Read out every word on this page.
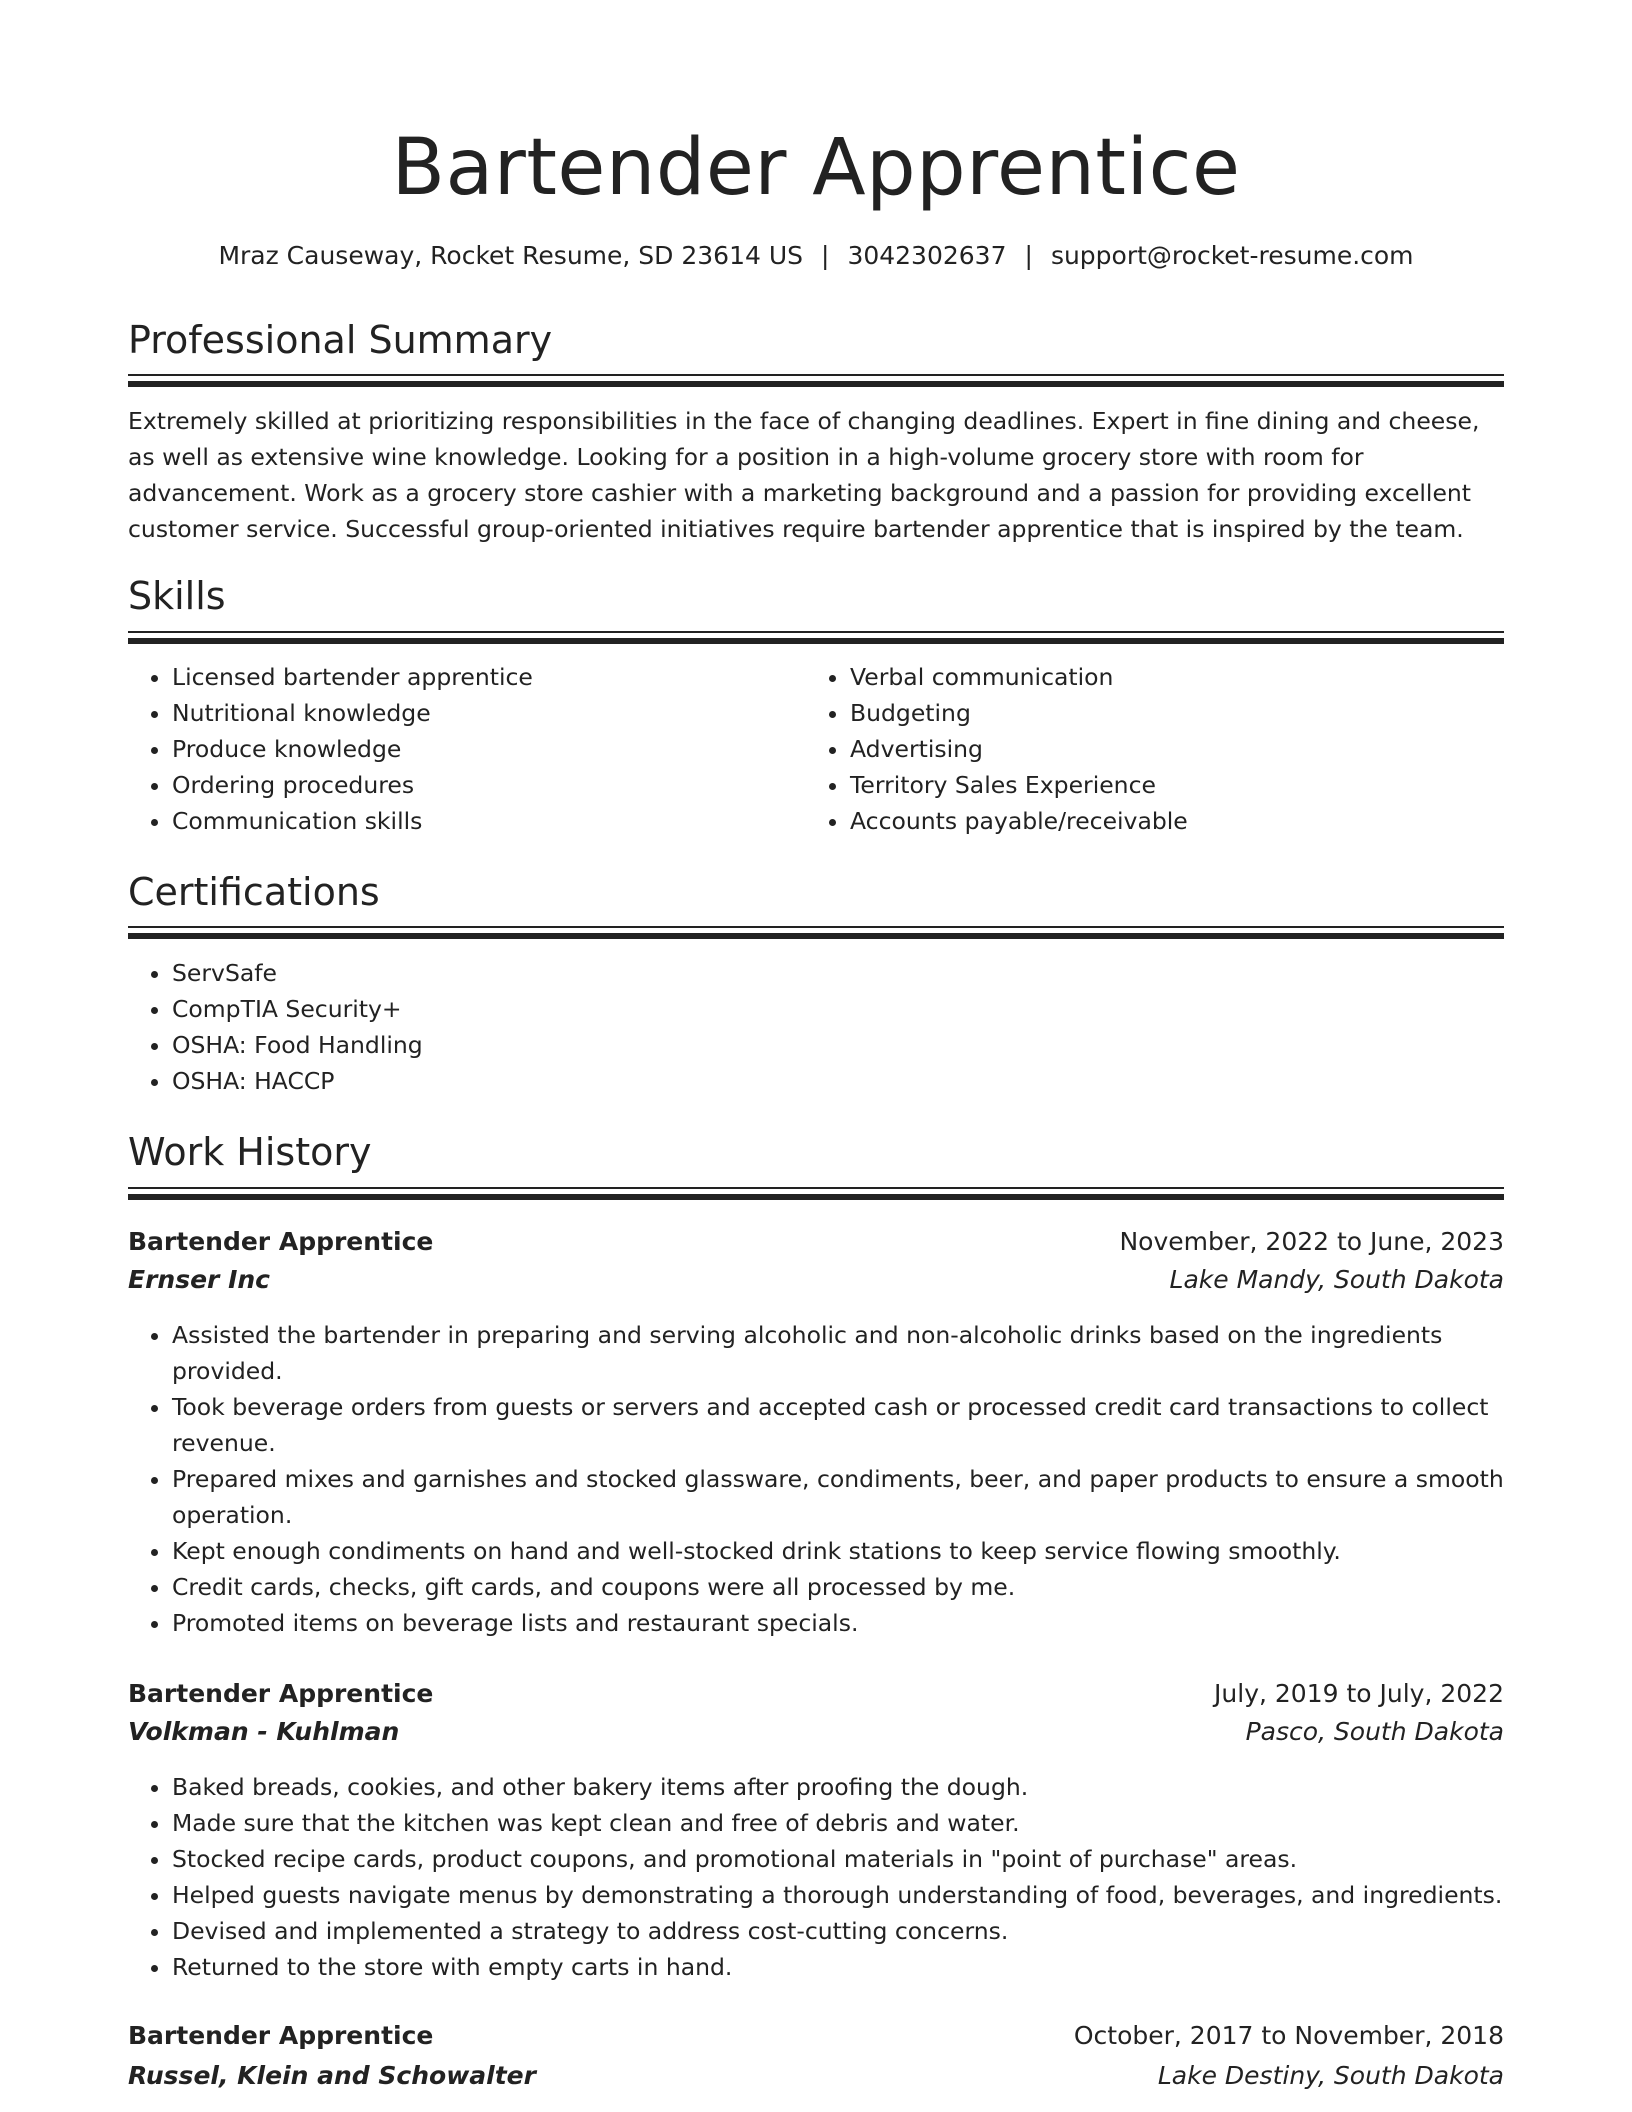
Bartender Apprentice
Mraz Causeway, Rocket Resume, SD 23614 US | 3042302637 | support@rocket-resume.com
Professional Summary
Extremely skilled at prioritizing responsibilities in the face of changing deadlines. Expert in fine dining and cheese, as well as extensive wine knowledge. Looking for a position in a high-volume grocery store with room for advancement. Work as a grocery store cashier with a marketing background and a passion for providing excellent customer service. Successful group-oriented initiatives require bartender apprentice that is inspired by the team.
Skills
• Licensed bartender apprentice
• Nutritional knowledge
• Produce knowledge
• Ordering procedures
• Communication skills
• Verbal communication
• Budgeting
• Advertising
• Territory Sales Experience
• Accounts payable/receivable
Certifications
• ServSafe
• CompTIA Security+
• OSHA: Food Handling
• OSHA: HACCP
Work History
Bartender Apprentice	November, 2022 to June, 2023
Ernser Inc	Lake Mandy, South Dakota
• Assisted the bartender in preparing and serving alcoholic and non-alcoholic drinks based on the ingredients provided.
• Took beverage orders from guests or servers and accepted cash or processed credit card transactions to collect revenue.
• Prepared mixes and garnishes and stocked glassware, condiments, beer, and paper products to ensure a smooth operation.
• Kept enough condiments on hand and well-stocked drink stations to keep service flowing smoothly.
• Credit cards, checks, gift cards, and coupons were all processed by me.
• Promoted items on beverage lists and restaurant specials.
Bartender Apprentice	July, 2019 to July, 2022
Volkman - Kuhlman	Pasco, South Dakota
• Baked breads, cookies, and other bakery items after proofing the dough.
• Made sure that the kitchen was kept clean and free of debris and water.
• Stocked recipe cards, product coupons, and promotional materials in "point of purchase" areas.
• Helped guests navigate menus by demonstrating a thorough understanding of food, beverages, and ingredients.
• Devised and implemented a strategy to address cost-cutting concerns.
• Returned to the store with empty carts in hand.
Bartender Apprentice	October, 2017 to November, 2018
Russel, Klein and Schowalter	Lake Destiny, South Dakota
